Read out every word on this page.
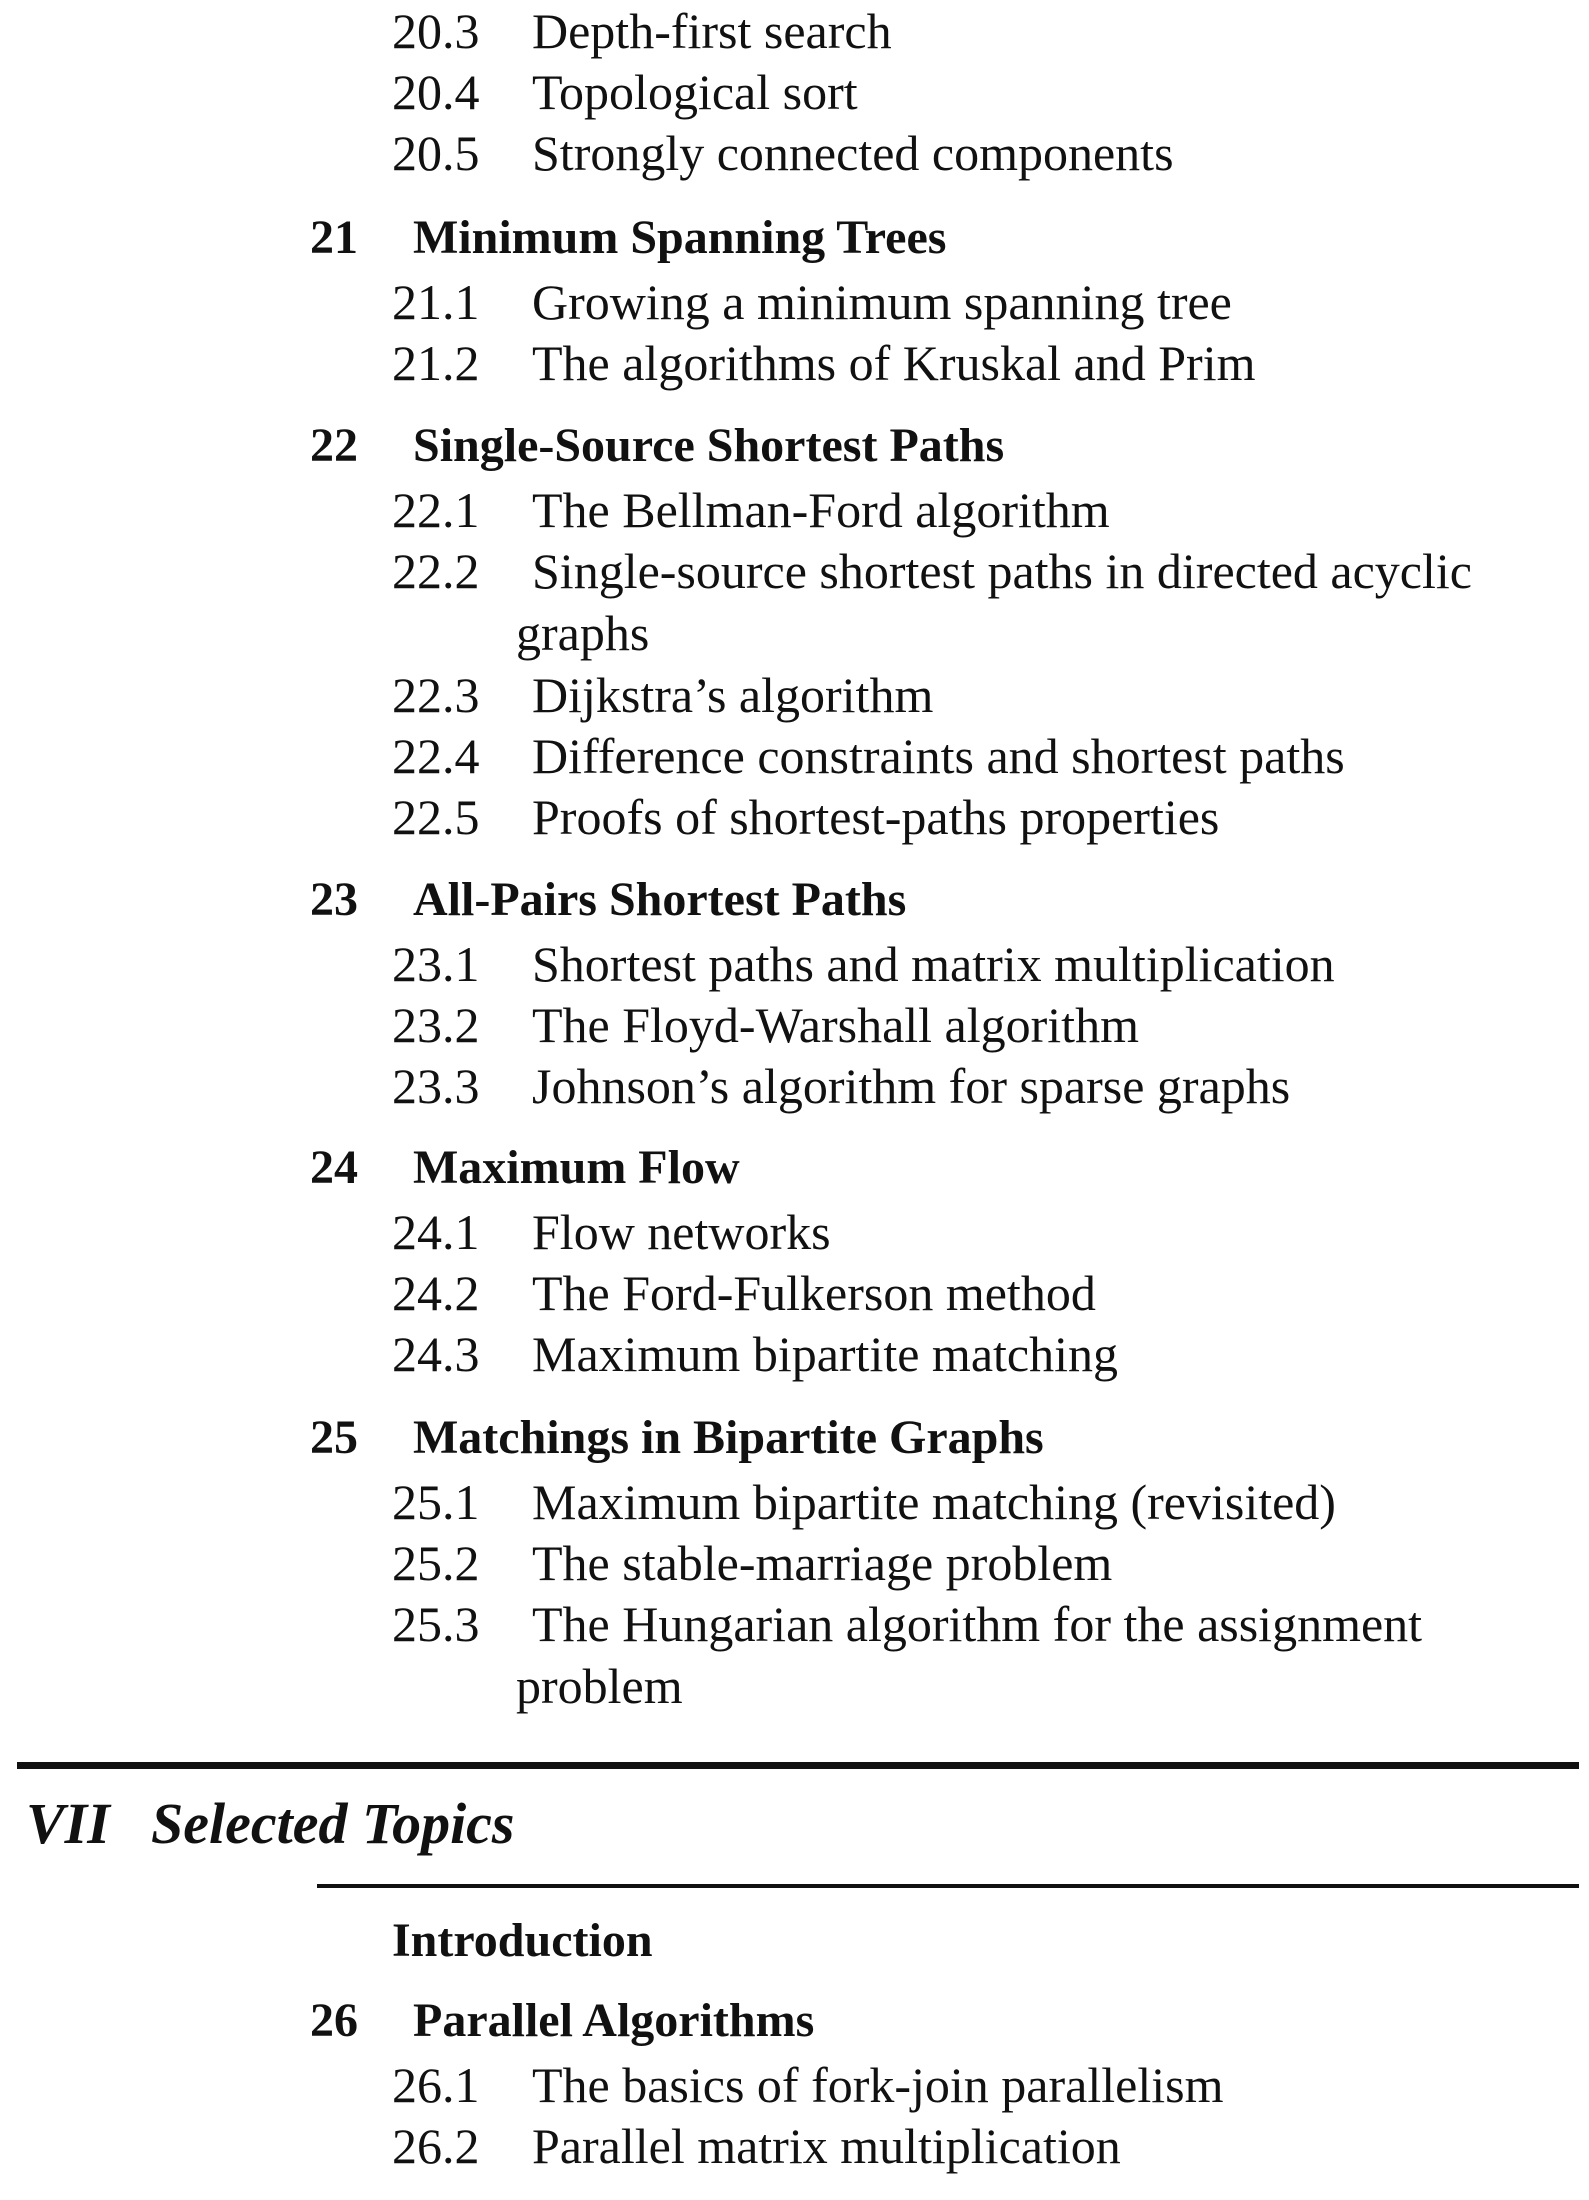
20.3 Depth-first search
20.4 Topological sort
20.5 Strongly connected components
21 Minimum Spanning Trees
21.1 Growing a minimum spanning tree
21.2 The algorithms of Kruskal and Prim
22 Single-Source Shortest Paths
22.1 The Bellman-Ford algorithm
22.2 Single-source shortest paths in directed acyclic
graphs
22.3 Dijkstra’s algorithm
22.4 Difference constraints and shortest paths
22.5 Proofs of shortest-paths properties
23 All-Pairs Shortest Paths
23.1 Shortest paths and matrix multiplication
23.2 The Floyd-Warshall algorithm
23.3 Johnson’s algorithm for sparse graphs
24 Maximum Flow
24.1 Flow networks
24.2 The Ford-Fulkerson method
24.3 Maximum bipartite matching
25 Matchings in Bipartite Graphs
25.1 Maximum bipartite matching (revisited)
25.2 The stable-marriage problem
25.3 The Hungarian algorithm for the assignment
problem
VII Selected Topics
Introduction
26 Parallel Algorithms
26.1 The basics of fork-join parallelism
26.2 Parallel matrix multiplication
